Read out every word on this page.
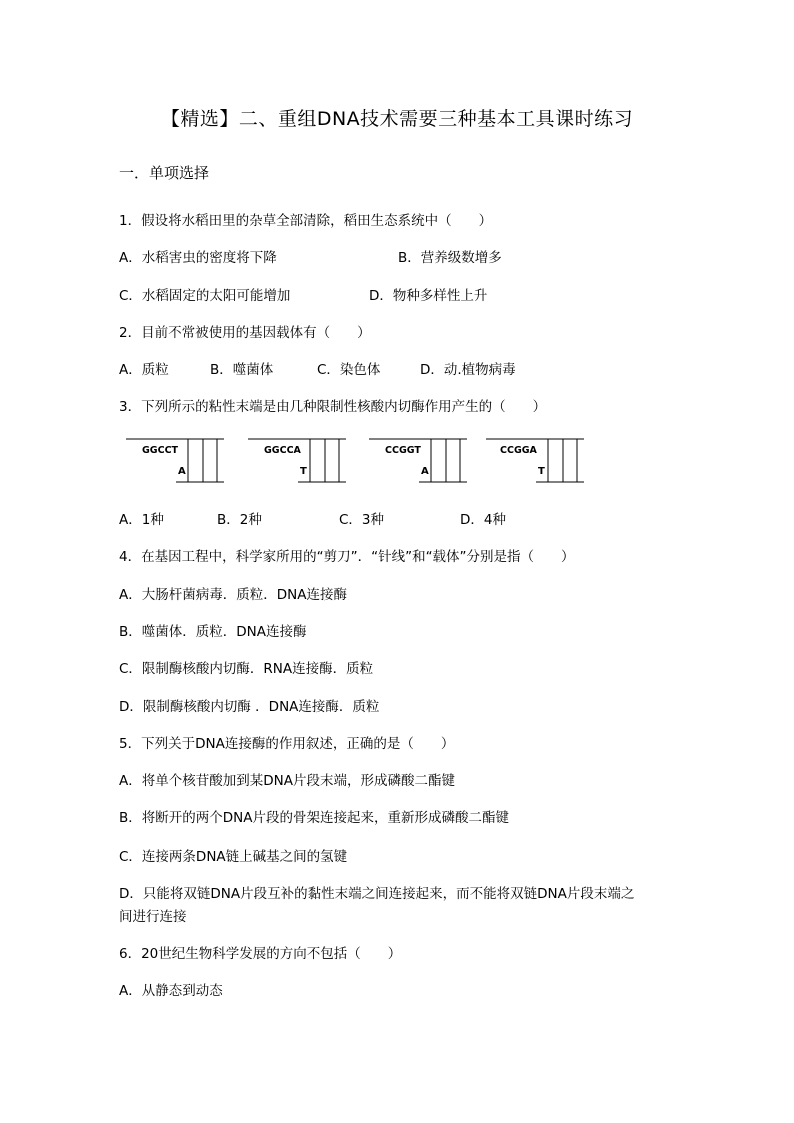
【精选】二、重组DNA技术需要三种基本工具课时练习
一．单项选择
1．假设将水稻田里的杂草全部清除，稻田生态系统中（　　）
A．水稻害虫的密度将下降	B．营养级数增多
C．水稻固定的太阳可能增加	D．物种多样性上升
2．目前不常被使用的基因载体有（　　）
A．质粒	B．噬菌体	C．染色体	D．动.植物病毒
3．下列所示的粘性末端是由几种限制性核酸内切酶作用产生的（　　）
GGCCT
A
GGCCA
T
CCGGT
A
CCGGA
T
A．1种	B．2种	C．3种	D．4种
4．在基因工程中，科学家所用的“剪刀”．“针线”和“载体”分别是指（　　）
A．大肠杆菌病毒．质粒．DNA连接酶
B．噬菌体．质粒．DNA连接酶
C．限制酶核酸内切酶．RNA连接酶．质粒
D．限制酶核酸内切酶 ．DNA连接酶．质粒
5．下列关于DNA连接酶的作用叙述，正确的是（　　）
A．将单个核苷酸加到某DNA片段末端，形成磷酸二酯键
B．将断开的两个DNA片段的骨架连接起来，重新形成磷酸二酯键
C．连接两条DNA链上碱基之间的氢键
D．只能将双链DNA片段互补的黏性末端之间连接起来，而不能将双链DNA片段末端之
间进行连接
6．20世纪生物科学发展的方向不包括（　　）
A．从静态到动态
